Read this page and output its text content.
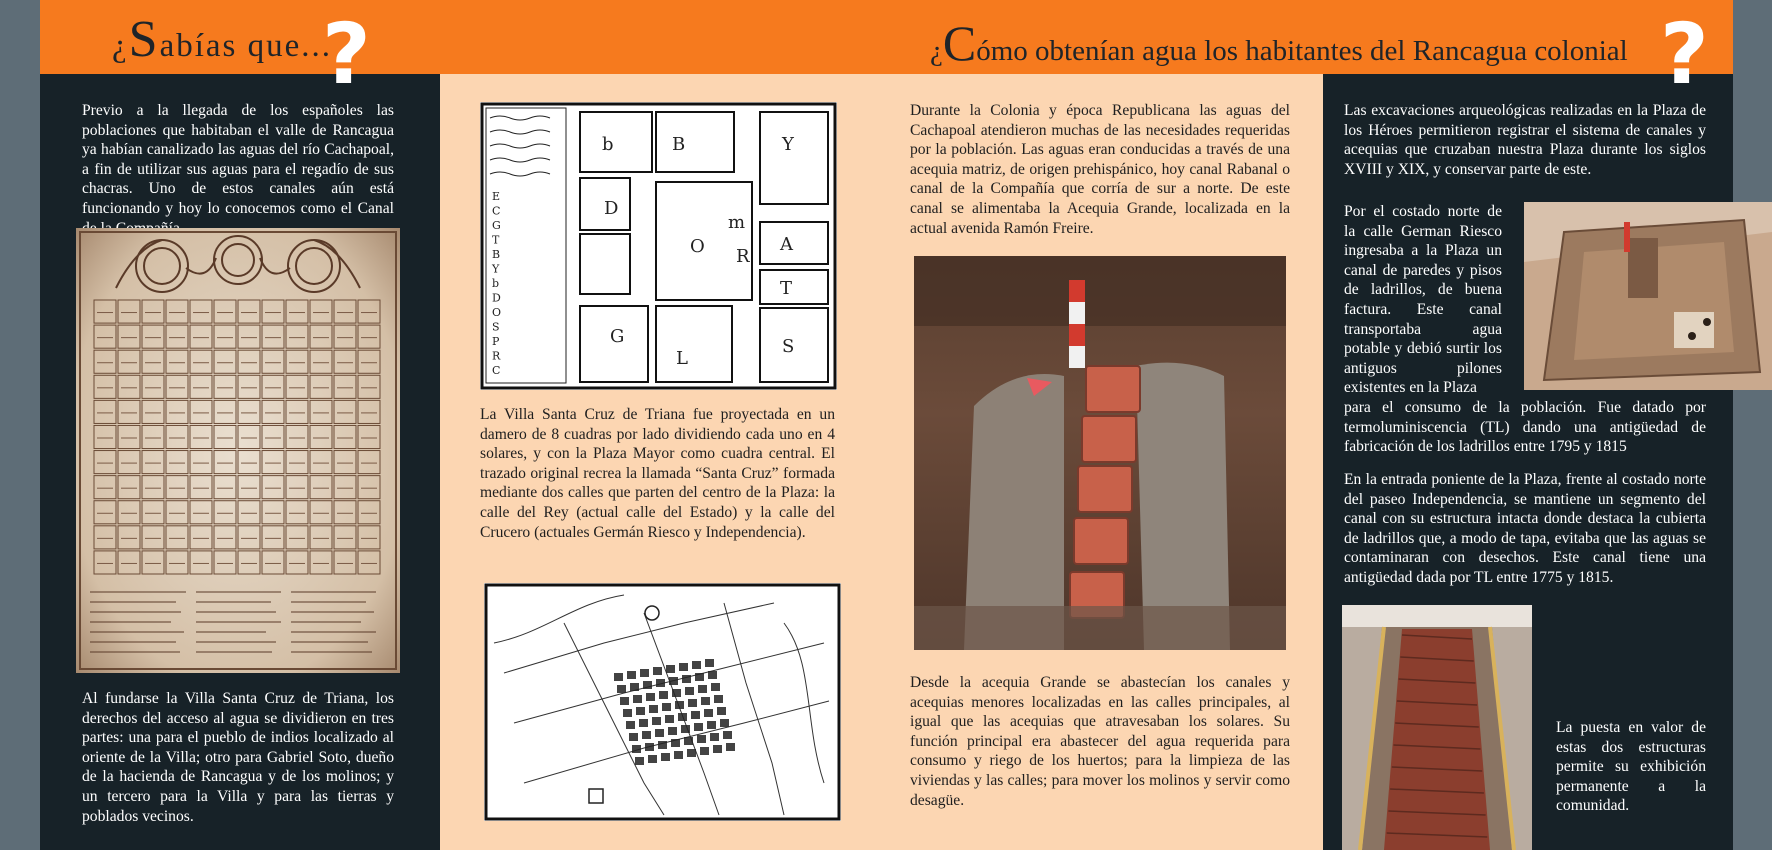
¿Sabías que...
?	¿Cómo obtenían agua los habitantes del Rancagua colonial ?

Previo a la llegada de los españoles las poblaciones que habitaban el valle de Rancagua ya habían canalizado las aguas del río Cachapoal, a fin de utilizar sus aguas para el regadío de sus chacras. Uno de estos canales aún está funcionando y hoy lo conocemos como el Canal

Al fundarse la Villa Santa Cruz de Triana, los derechos del acceso al agua se dividieron en tres partes: una para el pueblo de indios localizado al oriente de la Villa; otro para Gabriel Soto, dueño de la hacienda de Rancagua y de los molinos; y un tercero para la Villa y para las tierras y poblados vecinos.

E
C
G
T
B
Y
b
D
O
S
P
R
C
b	B	Y
D
A
T
S
L
G
O
m
R

La Villa Santa Cruz de Triana fue proyectada en un damero de 8 cuadras por lado dividiendo cada uno en 4 solares, y con la Plaza Mayor como cuadra central. El trazado original recrea la llamada “Santa Cruz” formada mediante dos calles que parten del centro de la Plaza: la calle del Rey (actual calle del Estado) y la calle del Crucero (actuales Germán Riesco y Independencia).

Durante la Colonia y época Republicana las aguas del Cachapoal atendieron muchas de las necesidades requeridas por la población. Las aguas eran conducidas a través de una acequia matriz, de origen prehispánico, hoy canal Rabanal o canal de la Compañía que corría de sur a norte. De este canal se alimentaba la Acequia Grande, localizada en la actual avenida Ramón Freire.

Desde la acequia Grande se abastecían los canales y acequias menores localizadas en las calles principales, al igual que las acequias que atravesaban los solares. Su función principal era abastecer del agua requerida para consumo y riego de los huertos; para la limpieza de las viviendas y las calles; para mover los molinos y servir como desagüe.

Las excavaciones arqueológicas realizadas en la Plaza de los Héroes permitieron registrar el sistema de canales y acequias que cruzaban nuestra Plaza durante los siglos XVIII y XIX, y conservar parte de este.

Por el costado norte de la calle German Riesco ingresaba a la Plaza un canal de paredes y pisos de ladrillos, de buena factura. Este canal transportaba agua potable y debió surtir los antiguos pilones existentes en la Plaza

para el consumo de la población. Fue datado por termoluminiscencia (TL) dando una antigüedad de fabricación de los ladrillos entre 1795 y 1815

En la entrada poniente de la Plaza, frente al costado norte del paseo Independencia, se mantiene un segmento del canal con su estructura intacta donde destaca la cubierta de ladrillos que, a modo de tapa, evitaba que las aguas se contaminaran con desechos. Este canal tiene una antigüedad dada por TL entre 1775 y 1815.

La puesta en valor de estas dos estructuras permite su exhibición permanente a la comunidad.
